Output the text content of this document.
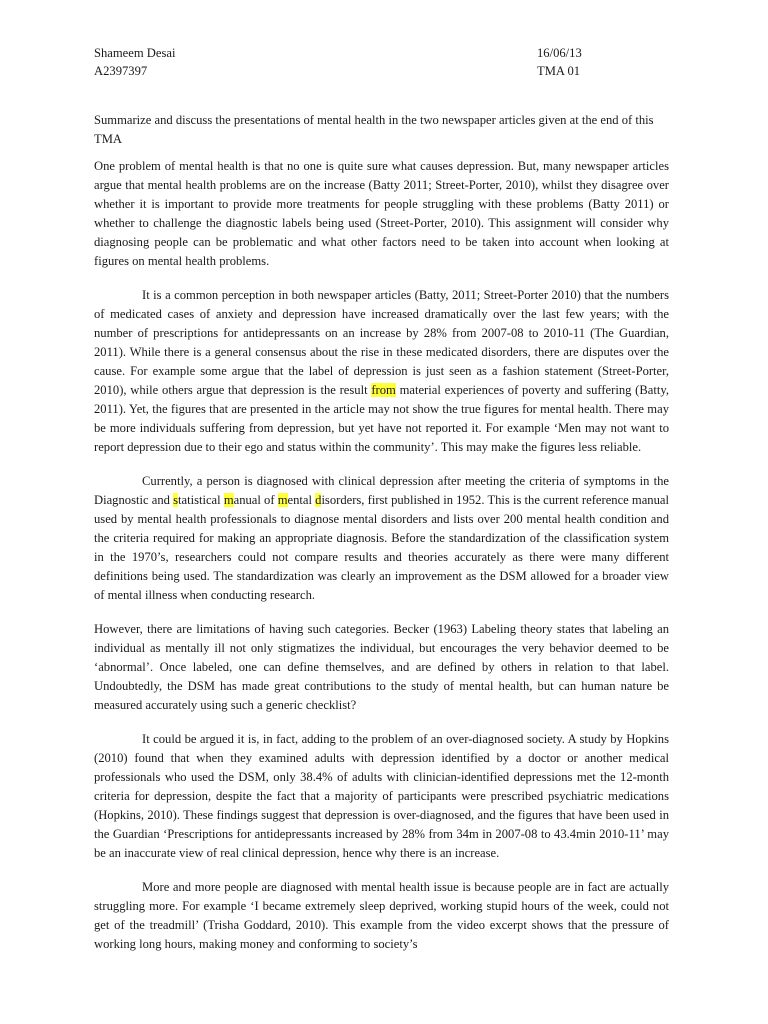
Shameem Desai	16/06/13
A2397397	TMA 01

Summarize and discuss the presentations of mental health in the two newspaper articles given at the end of this TMA

One problem of mental health is that no one is quite sure what causes depression. But, many newspaper articles argue that mental health problems are on the increase (Batty 2011; Street-Porter, 2010), whilst they disagree over whether it is important to provide more treatments for people struggling with these problems (Batty 2011) or whether to challenge the diagnostic labels being used (Street-Porter, 2010). This assignment will consider why diagnosing people can be problematic and what other factors need to be taken into account when looking at figures on mental health problems.

It is a common perception in both newspaper articles (Batty, 2011; Street-Porter 2010) that the numbers of medicated cases of anxiety and depression have increased dramatically over the last few years; with the number of prescriptions for antidepressants on an increase by 28% from 2007-08 to 2010-11 (The Guardian, 2011). While there is a general consensus about the rise in these medicated disorders, there are disputes over the cause. For example some argue that the label of depression is just seen as a fashion statement (Street-Porter, 2010), while others argue that depression is the result from material experiences of poverty and suffering (Batty, 2011). Yet, the figures that are presented in the article may not show the true figures for mental health. There may be more individuals suffering from depression, but yet have not reported it. For example ‘Men may not want to report depression due to their ego and status within the community’. This may make the figures less reliable.

Currently, a person is diagnosed with clinical depression after meeting the criteria of symptoms in the Diagnostic and statistical manual of mental disorders, first published in 1952. This is the current reference manual used by mental health professionals to diagnose mental disorders and lists over 200 mental health condition and the criteria required for making an appropriate diagnosis. Before the standardization of the classification system in the 1970’s, researchers could not compare results and theories accurately as there were many different definitions being used. The standardization was clearly an improvement as the DSM allowed for a broader view of mental illness when conducting research.

However, there are limitations of having such categories. Becker (1963) Labeling theory states that labeling an individual as mentally ill not only stigmatizes the individual, but encourages the very behavior deemed to be ‘abnormal’. Once labeled, one can define themselves, and are defined by others in relation to that label. Undoubtedly, the DSM has made great contributions to the study of mental health, but can human nature be measured accurately using such a generic checklist?

It could be argued it is, in fact, adding to the problem of an over-diagnosed society. A study by Hopkins (2010) found that when they examined adults with depression identified by a doctor or another medical professionals who used the DSM, only 38.4% of adults with clinician-identified depressions met the 12-month criteria for depression, despite the fact that a majority of participants were prescribed psychiatric medications (Hopkins, 2010). These findings suggest that depression is over-diagnosed, and the figures that have been used in the Guardian ‘Prescriptions for antidepressants increased by 28% from 34m in 2007-08 to 43.4min 2010-11’ may be an inaccurate view of real clinical depression, hence why there is an increase.

More and more people are diagnosed with mental health issue is because people are in fact are actually struggling more. For example ‘I became extremely sleep deprived, working stupid hours of the week, could not get of the treadmill’ (Trisha Goddard, 2010). This example from the video excerpt shows that the pressure of working long hours, making money and conforming to society’s
